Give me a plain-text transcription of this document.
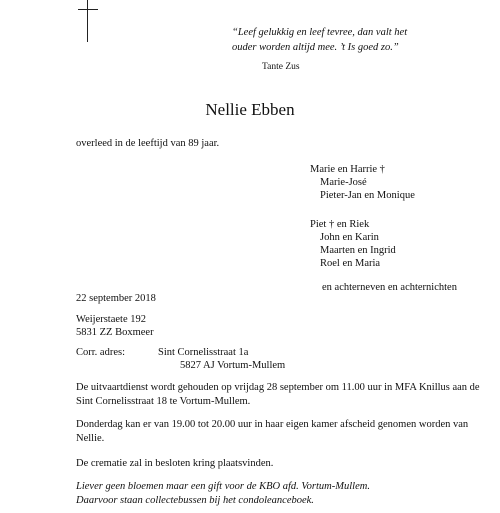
“Leef gelukkig en leef tevree, dan valt het
ouder worden altijd mee. ’t Is goed zo.”
Tante Zus
Nellie Ebben
overleed in de leeftijd van 89 jaar.
Marie en Harrie †
Marie-José
Pieter-Jan en Monique
Piet † en Riek
John en Karin
Maarten en Ingrid
Roel en Maria
en achterneven en achternichten
22 september 2018
Weijerstaete 192
5831 ZZ Boxmeer
Corr. adres:	Sint Cornelisstraat 1a
5827 AJ Vortum-Mullem
De uitvaartdienst wordt gehouden op vrijdag 28 september om 11.00 uur in MFA Knillus aan de Sint Cornelisstraat 18 te Vortum-Mullem.
Donderdag kan er van 19.00 tot 20.00 uur in haar eigen kamer afscheid genomen worden van Nellie.
De crematie zal in besloten kring plaatsvinden.
Liever geen bloemen maar een gift voor de KBO afd. Vortum-Mullem.
Daarvoor staan collectebussen bij het condoleanceboek.
